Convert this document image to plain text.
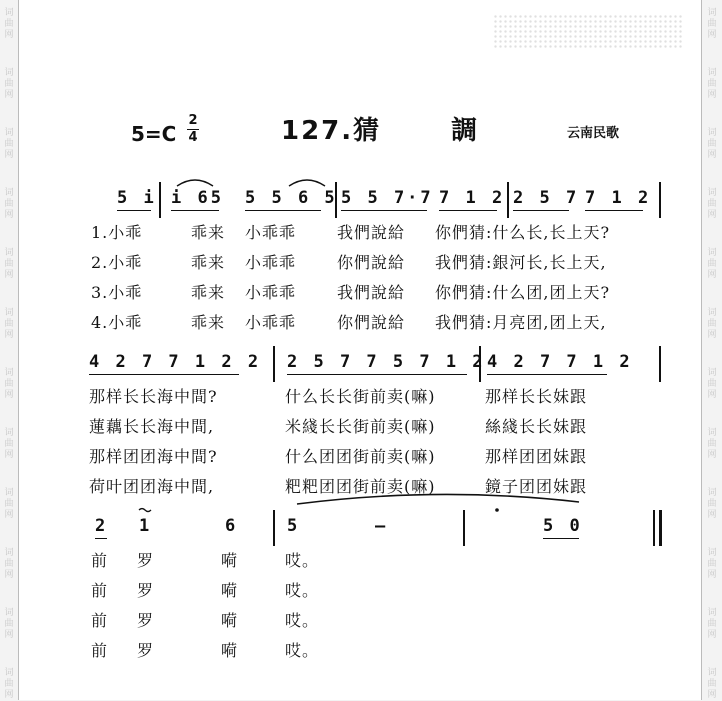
词
曲
网
词
曲
网
词
曲
网
词
曲
网
词
曲
网
词
曲
网
词
曲
网
词
曲
网
词
曲
网
词
曲
网
词
曲
网
词
曲
网
词
曲
网
词
曲
网
词
曲
网
词
曲
网
词
曲
网
词
曲
网
词
曲
网
词
曲
网
词
曲
网
词
曲
网
词
曲
网
词
曲
网
5=C
2
4	127.猜	調	云南民歌
5 i i 65 5 5 6 5 5 5 7·7 7 1 2 2 5 7 7 1 2
1.小乖	乖来 小乖乖	我們說給 你們猜:什么长,长上天?
2.小乖	乖来 小乖乖	你們說給 我們猜:銀河长,长上天,
3.小乖	乖来 小乖乖	我們說給 你們猜:什么团,团上天?
4.小乖	乖来 小乖乖	你們說給 我們猜:月亮团,团上天,
4 2 7 7 1 2 2 2 5 7 7 5 7 1 2 4 2 7 7 1 2
那样长长海中間?	什么长长街前卖(嘛)	那样长长妹跟
蓮藕长长海中間,	米綫长长街前卖(嘛)	絲綫长长妹跟
那样团团海中間?	什么团团街前卖(嘛)	那样团团妹跟
荷叶团团海中間,	粑粑团团街前卖(嘛)	鏡子团团妹跟
2 1	6	5	–	5 0
前 罗	嗬	哎。
前 罗	嗬	哎。
前 罗	嗬	哎。
前 罗	嗬	哎。
